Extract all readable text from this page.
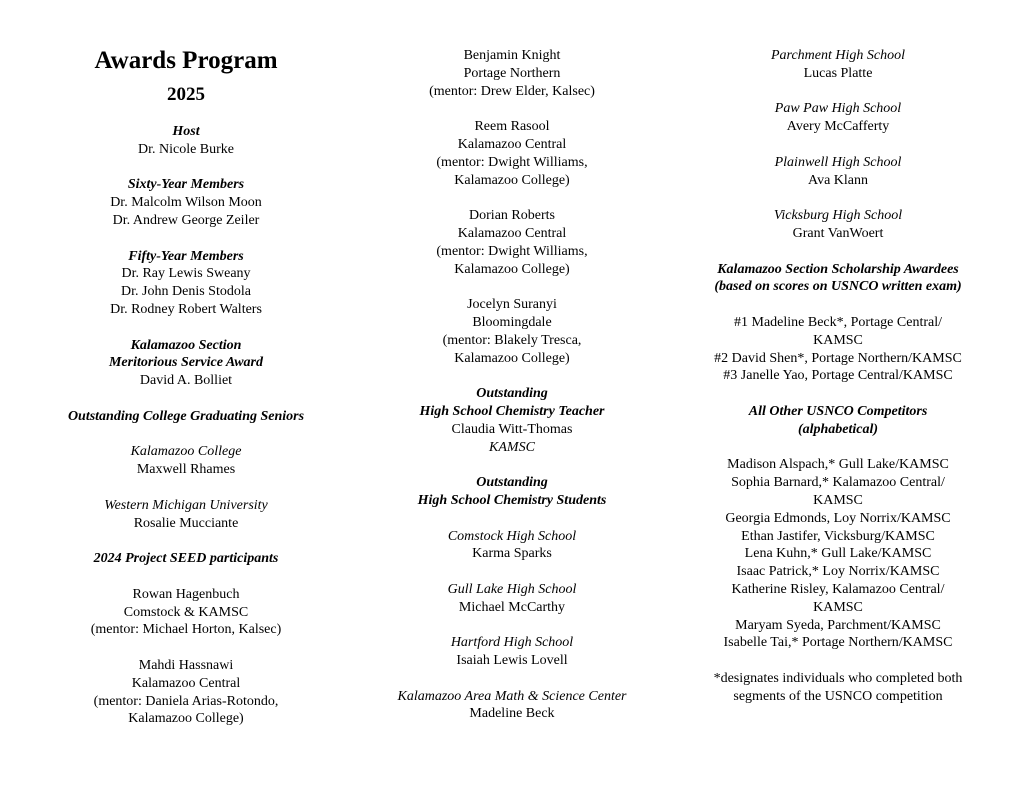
Awards Program
2025
Host
Dr. Nicole Burke

Sixty-Year Members
Dr. Malcolm Wilson Moon
Dr. Andrew George Zeiler

Fifty-Year Members
Dr. Ray Lewis Sweany
Dr. John Denis Stodola
Dr. Rodney Robert Walters

Kalamazoo Section
Meritorious Service Award
David A. Bolliet

Outstanding College Graduating Seniors

Kalamazoo College
Maxwell Rhames

Western Michigan University
Rosalie Mucciante

2024 Project SEED participants

Rowan Hagenbuch
Comstock & KAMSC
(mentor: Michael Horton, Kalsec)

Mahdi Hassnawi
Kalamazoo Central
(mentor: Daniela Arias-Rotondo,
Kalamazoo College)
Benjamin Knight
Portage Northern
(mentor: Drew Elder, Kalsec)

Reem Rasool
Kalamazoo Central
(mentor: Dwight Williams,
Kalamazoo College)

Dorian Roberts
Kalamazoo Central
(mentor: Dwight Williams,
Kalamazoo College)

Jocelyn Suranyi
Bloomingdale
(mentor: Blakely Tresca,
Kalamazoo College)

Outstanding
High School Chemistry Teacher
Claudia Witt-Thomas
KAMSC

Outstanding
High School Chemistry Students

Comstock High School
Karma Sparks

Gull Lake High School
Michael McCarthy

Hartford High School
Isaiah Lewis Lovell

Kalamazoo Area Math & Science Center
Madeline Beck
Parchment High School
Lucas Platte

Paw Paw High School
Avery McCafferty

Plainwell High School
Ava Klann

Vicksburg High School
Grant VanWoert

Kalamazoo Section Scholarship Awardees
(based on scores on USNCO written exam)

#1 Madeline Beck*, Portage Central/
KAMSC
#2 David Shen*, Portage Northern/KAMSC
#3 Janelle Yao, Portage Central/KAMSC

All Other USNCO Competitors
(alphabetical)

Madison Alspach,* Gull Lake/KAMSC
Sophia Barnard,* Kalamazoo Central/
KAMSC
Georgia Edmonds, Loy Norrix/KAMSC
Ethan Jastifer, Vicksburg/KAMSC
Lena Kuhn,* Gull Lake/KAMSC
Isaac Patrick,* Loy Norrix/KAMSC
Katherine Risley, Kalamazoo Central/
KAMSC
Maryam Syeda, Parchment/KAMSC
Isabelle Tai,* Portage Northern/KAMSC

*designates individuals who completed both
segments of the USNCO competition
